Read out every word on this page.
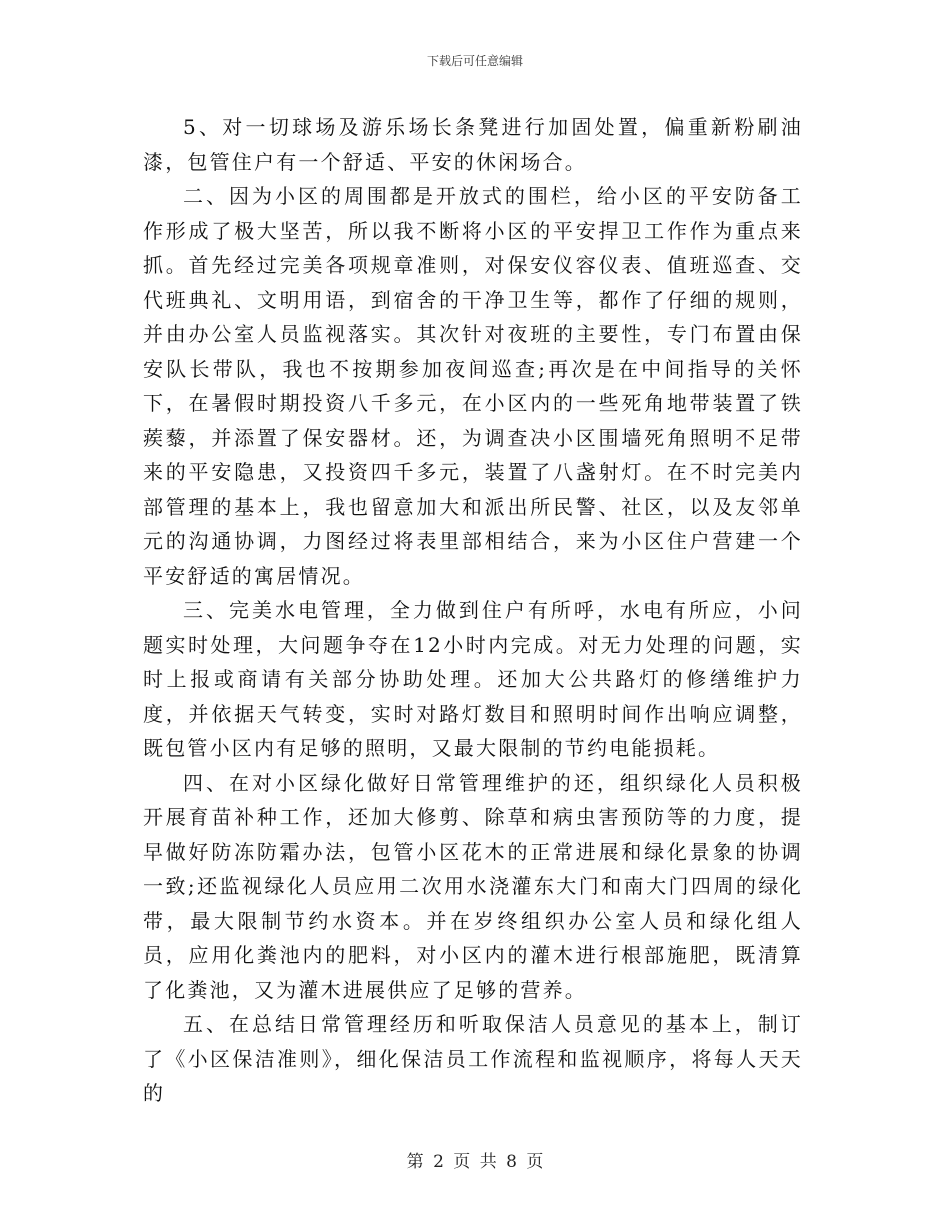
下载后可任意编辑

5、对一切球场及游乐场长条凳进行加固处置，偏重新粉刷油漆，包管住户有一个舒适、平安的休闲场合。

二、因为小区的周围都是开放式的围栏，给小区的平安防备工作形成了极大坚苦，所以我不断将小区的平安捍卫工作作为重点来抓。首先经过完美各项规章准则，对保安仪容仪表、值班巡查、交代班典礼、文明用语，到宿舍的干净卫生等，都作了仔细的规则，并由办公室人员监视落实。其次针对夜班的主要性，专门布置由保安队长带队，我也不按期参加夜间巡查;再次是在中间指导的关怀下，在暑假时期投资八千多元，在小区内的一些死角地带装置了铁蒺藜，并添置了保安器材。还，为调查决小区围墙死角照明不足带来的平安隐患，又投资四千多元，装置了八盏射灯。在不时完美内部管理的基本上，我也留意加大和派出所民警、社区，以及友邻单元的沟通协调，力图经过将表里部相结合，来为小区住户营建一个平安舒适的寓居情况。

三、完美水电管理，全力做到住户有所呼，水电有所应，小问题实时处理，大问题争夺在12小时内完成。对无力处理的问题，实时上报或商请有关部分协助处理。还加大公共路灯的修缮维护力度，并依据天气转变，实时对路灯数目和照明时间作出响应调整，既包管小区内有足够的照明，又最大限制的节约电能损耗。

四、在对小区绿化做好日常管理维护的还，组织绿化人员积极开展育苗补种工作，还加大修剪、除草和病虫害预防等的力度，提早做好防冻防霜办法，包管小区花木的正常进展和绿化景象的协调一致;还监视绿化人员应用二次用水浇灌东大门和南大门四周的绿化带，最大限制节约水资本。并在岁终组织办公室人员和绿化组人员，应用化粪池内的肥料，对小区内的灌木进行根部施肥，既清算了化粪池，又为灌木进展供应了足够的营养。

五、在总结日常管理经历和听取保洁人员意见的基本上，制订了《小区保洁准则》，细化保洁员工作流程和监视顺序，将每人天天的

第 2 页 共 8 页
